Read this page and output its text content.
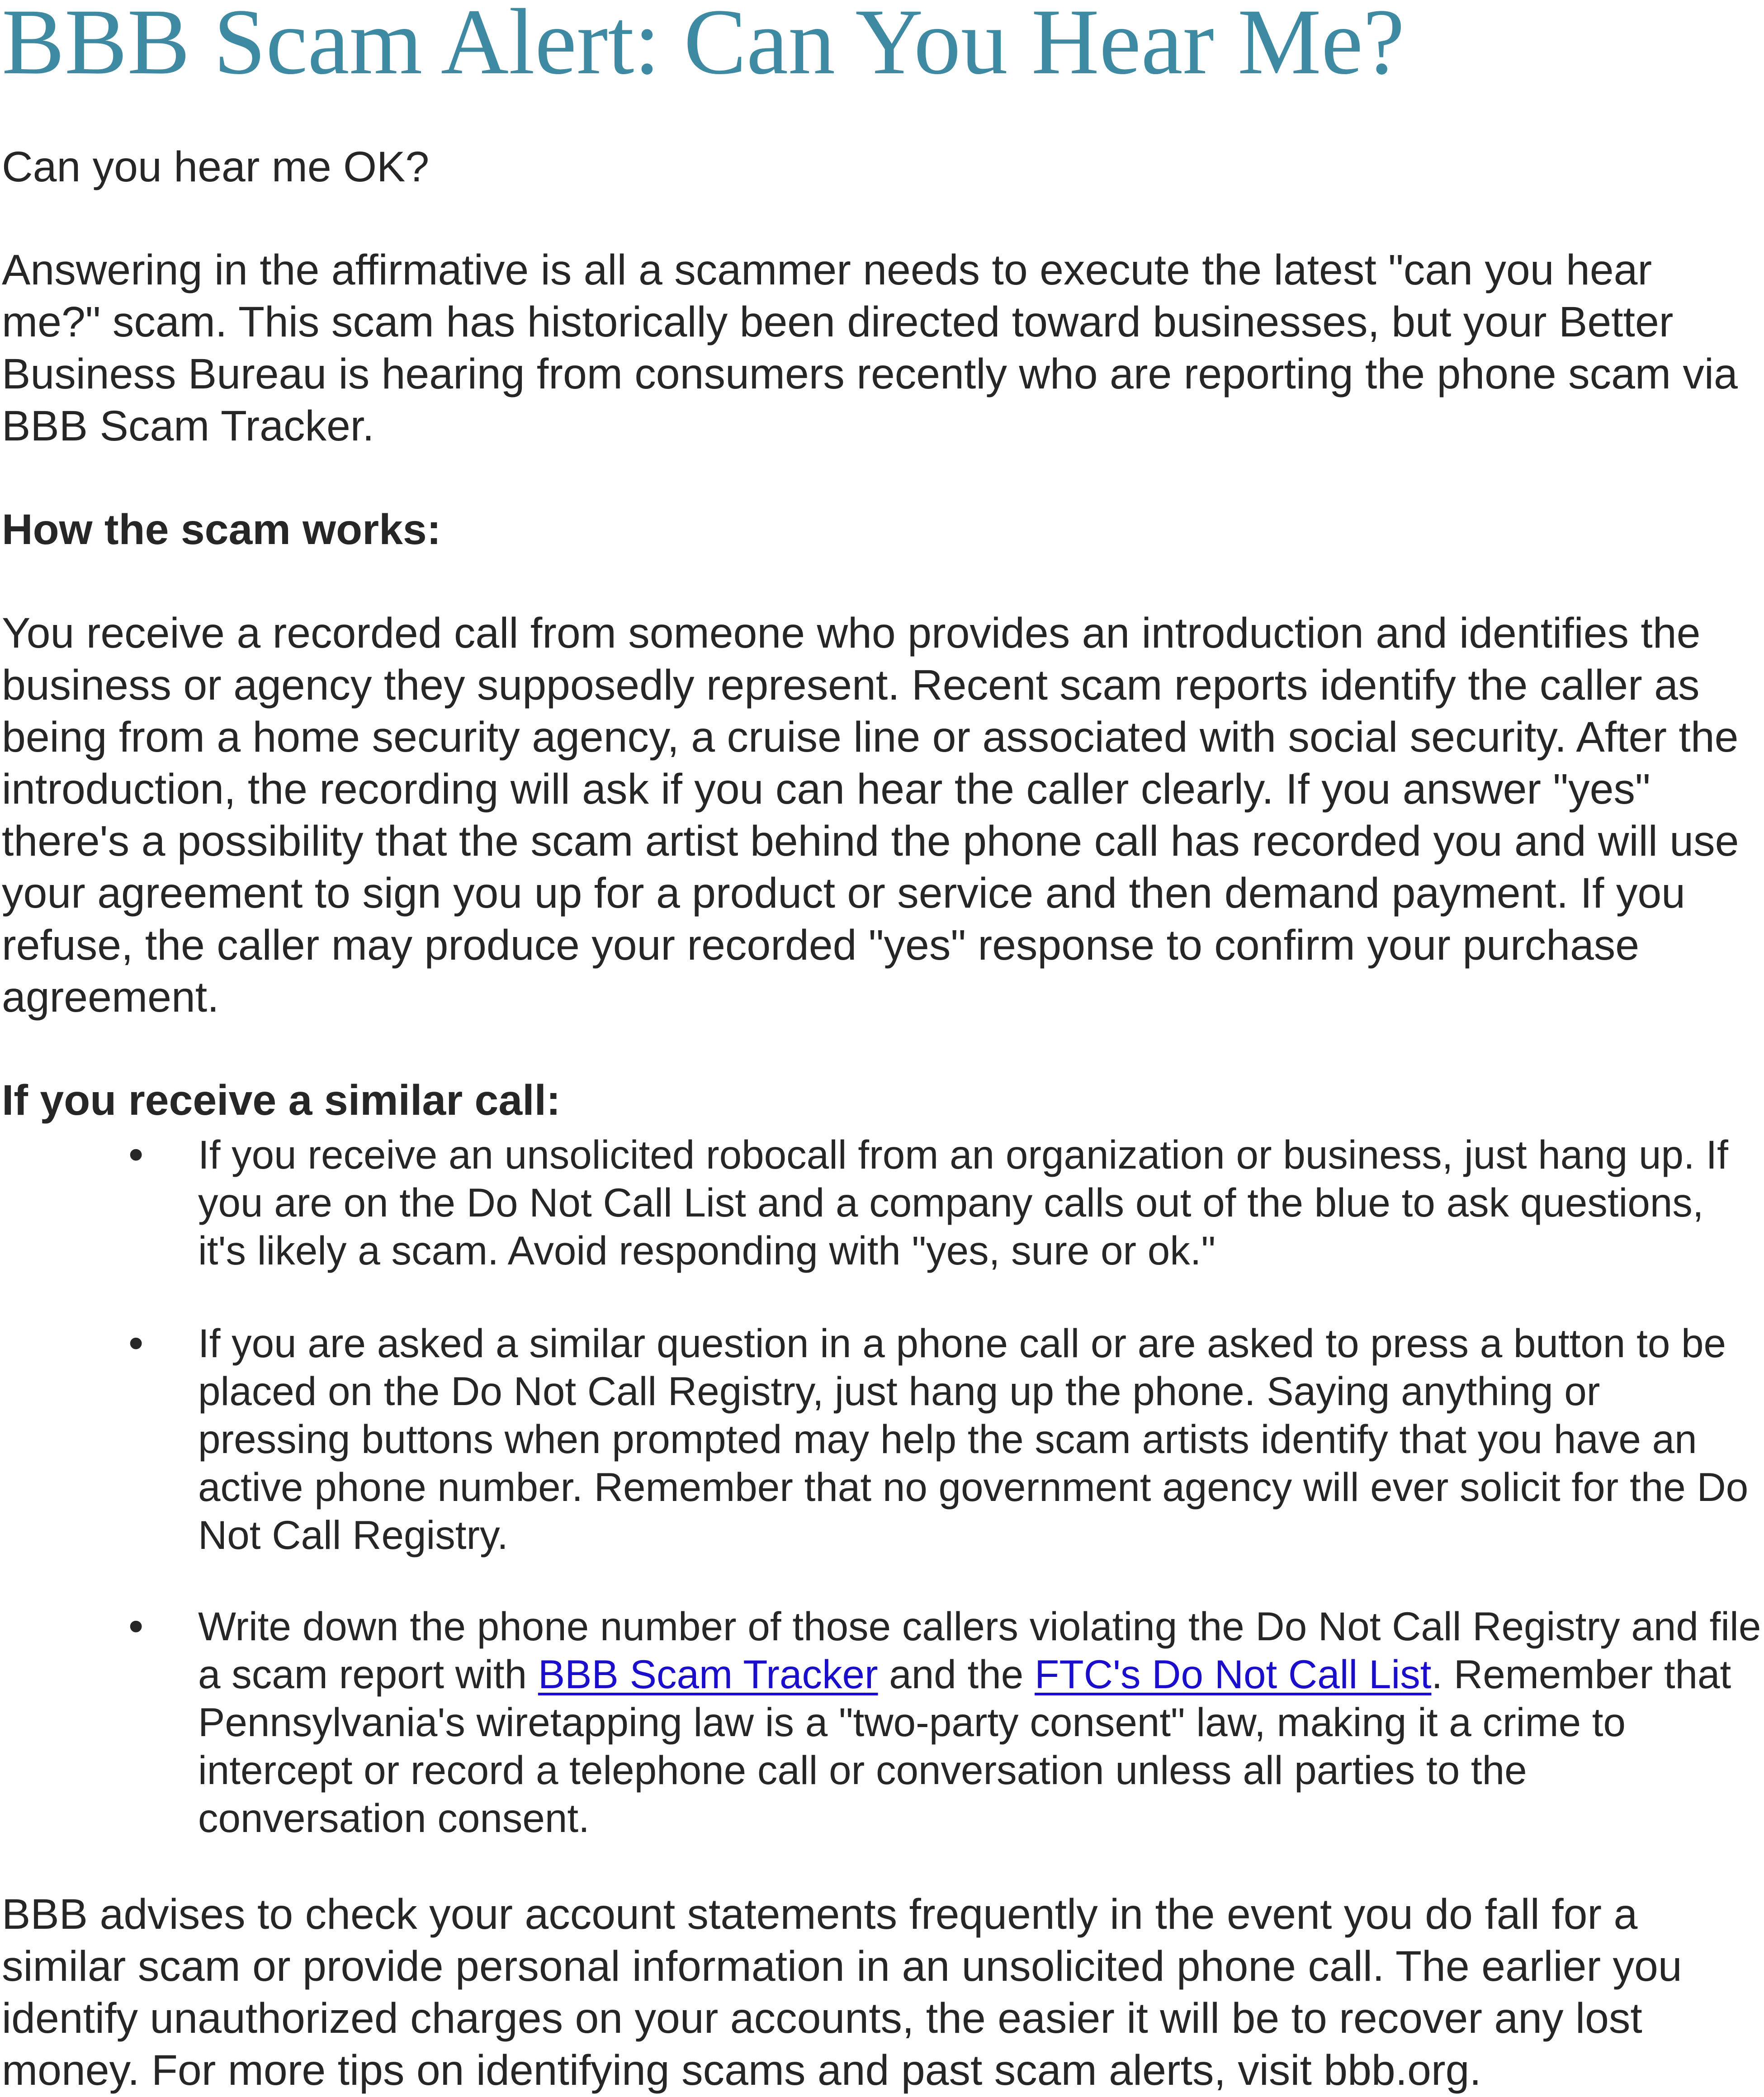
BBB Scam Alert: Can You Hear Me?

Can you hear me OK?

Answering in the affirmative is all a scammer needs to execute the latest "can you hear me?" scam. This scam has historically been directed toward businesses, but your Better Business Bureau is hearing from consumers recently who are reporting the phone scam via BBB Scam Tracker.

How the scam works:

You receive a recorded call from someone who provides an introduction and identifies the business or agency they supposedly represent. Recent scam reports identify the caller as being from a home security agency, a cruise line or associated with social security. After the introduction, the recording will ask if you can hear the caller clearly. If you answer "yes" there's a possibility that the scam artist behind the phone call has recorded you and will use your agreement to sign you up for a product or service and then demand payment. If you refuse, the caller may produce your recorded "yes" response to confirm your purchase agreement.

If you receive a similar call:

• If you receive an unsolicited robocall from an organization or business, just hang up. If you are on the Do Not Call List and a company calls out of the blue to ask questions, it's likely a scam. Avoid responding with "yes, sure or ok."

• If you are asked a similar question in a phone call or are asked to press a button to be placed on the Do Not Call Registry, just hang up the phone. Saying anything or pressing buttons when prompted may help the scam artists identify that you have an active phone number. Remember that no government agency will ever solicit for the Do Not Call Registry.

• Write down the phone number of those callers violating the Do Not Call Registry and file a scam report with BBB Scam Tracker and the FTC's Do Not Call List. Remember that Pennsylvania's wiretapping law is a "two-party consent" law, making it a crime to intercept or record a telephone call or conversation unless all parties to the conversation consent.

BBB advises to check your account statements frequently in the event you do fall for a similar scam or provide personal information in an unsolicited phone call. The earlier you identify unauthorized charges on your accounts, the easier it will be to recover any lost money. For more tips on identifying scams and past scam alerts, visit bbb.org.
